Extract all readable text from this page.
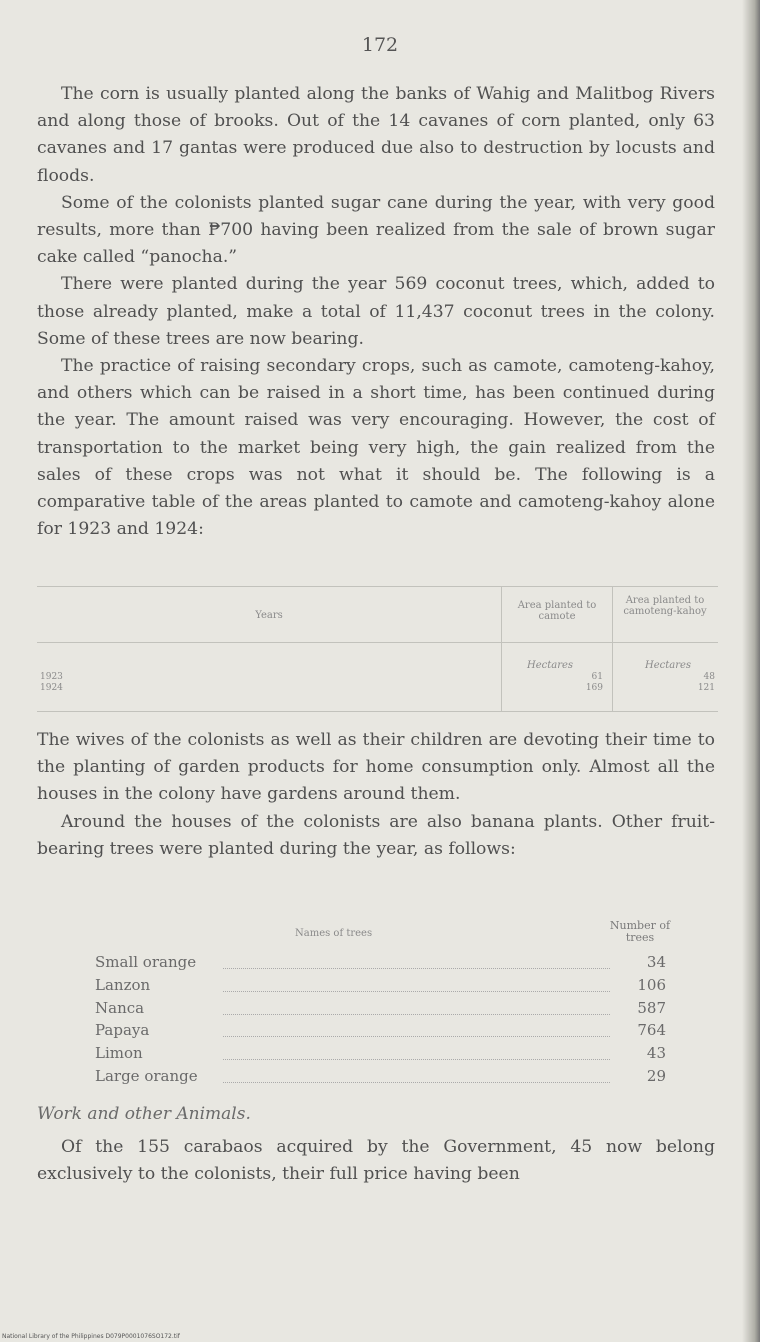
172

The corn is usually planted along the banks of Wahig and Malitbog Rivers and along those of brooks. Out of the 14 cavanes of corn planted, only 63 cavanes and 17 gantas were produced due also to destruction by locusts and floods.

Some of the colonists planted sugar cane during the year, with very good results, more than ₱700 having been realized from the sale of brown sugar cake called “panocha.”

There were planted during the year 569 coconut trees, which, added to those already planted, make a total of 11,437 coconut trees in the colony. Some of these trees are now bearing.

The practice of raising secondary crops, such as camote, camoteng-kahoy, and others which can be raised in a short time, has been continued during the year. The amount raised was very encouraging. However, the cost of transportation to the market being very high, the gain realized from the sales of these crops was not what it should be. The following is a comparative table of the areas planted to camote and camoteng-kahoy alone for 1923 and 1924:

Years
Area planted to camote
Area planted to camoteng-kahoy
Hectares	Hectares
1923	61	48
1924	169	121

The wives of the colonists as well as their children are devoting their time to the planting of garden products for home consumption only. Almost all the houses in the colony have gardens around them.

Around the houses of the colonists are also banana plants. Other fruit-bearing trees were planted during the year, as follows:

Names of trees
Number of trees
Small orange	34
Lanzon	106
Nanca	587
Papaya	764
Limon	43
Large orange	29
Work and other Animals.

Of the 155 carabaos acquired by the Government, 45 now belong exclusively to the colonists, their full price having been

National Library of the Philippines D079P0001076SO172.tif
